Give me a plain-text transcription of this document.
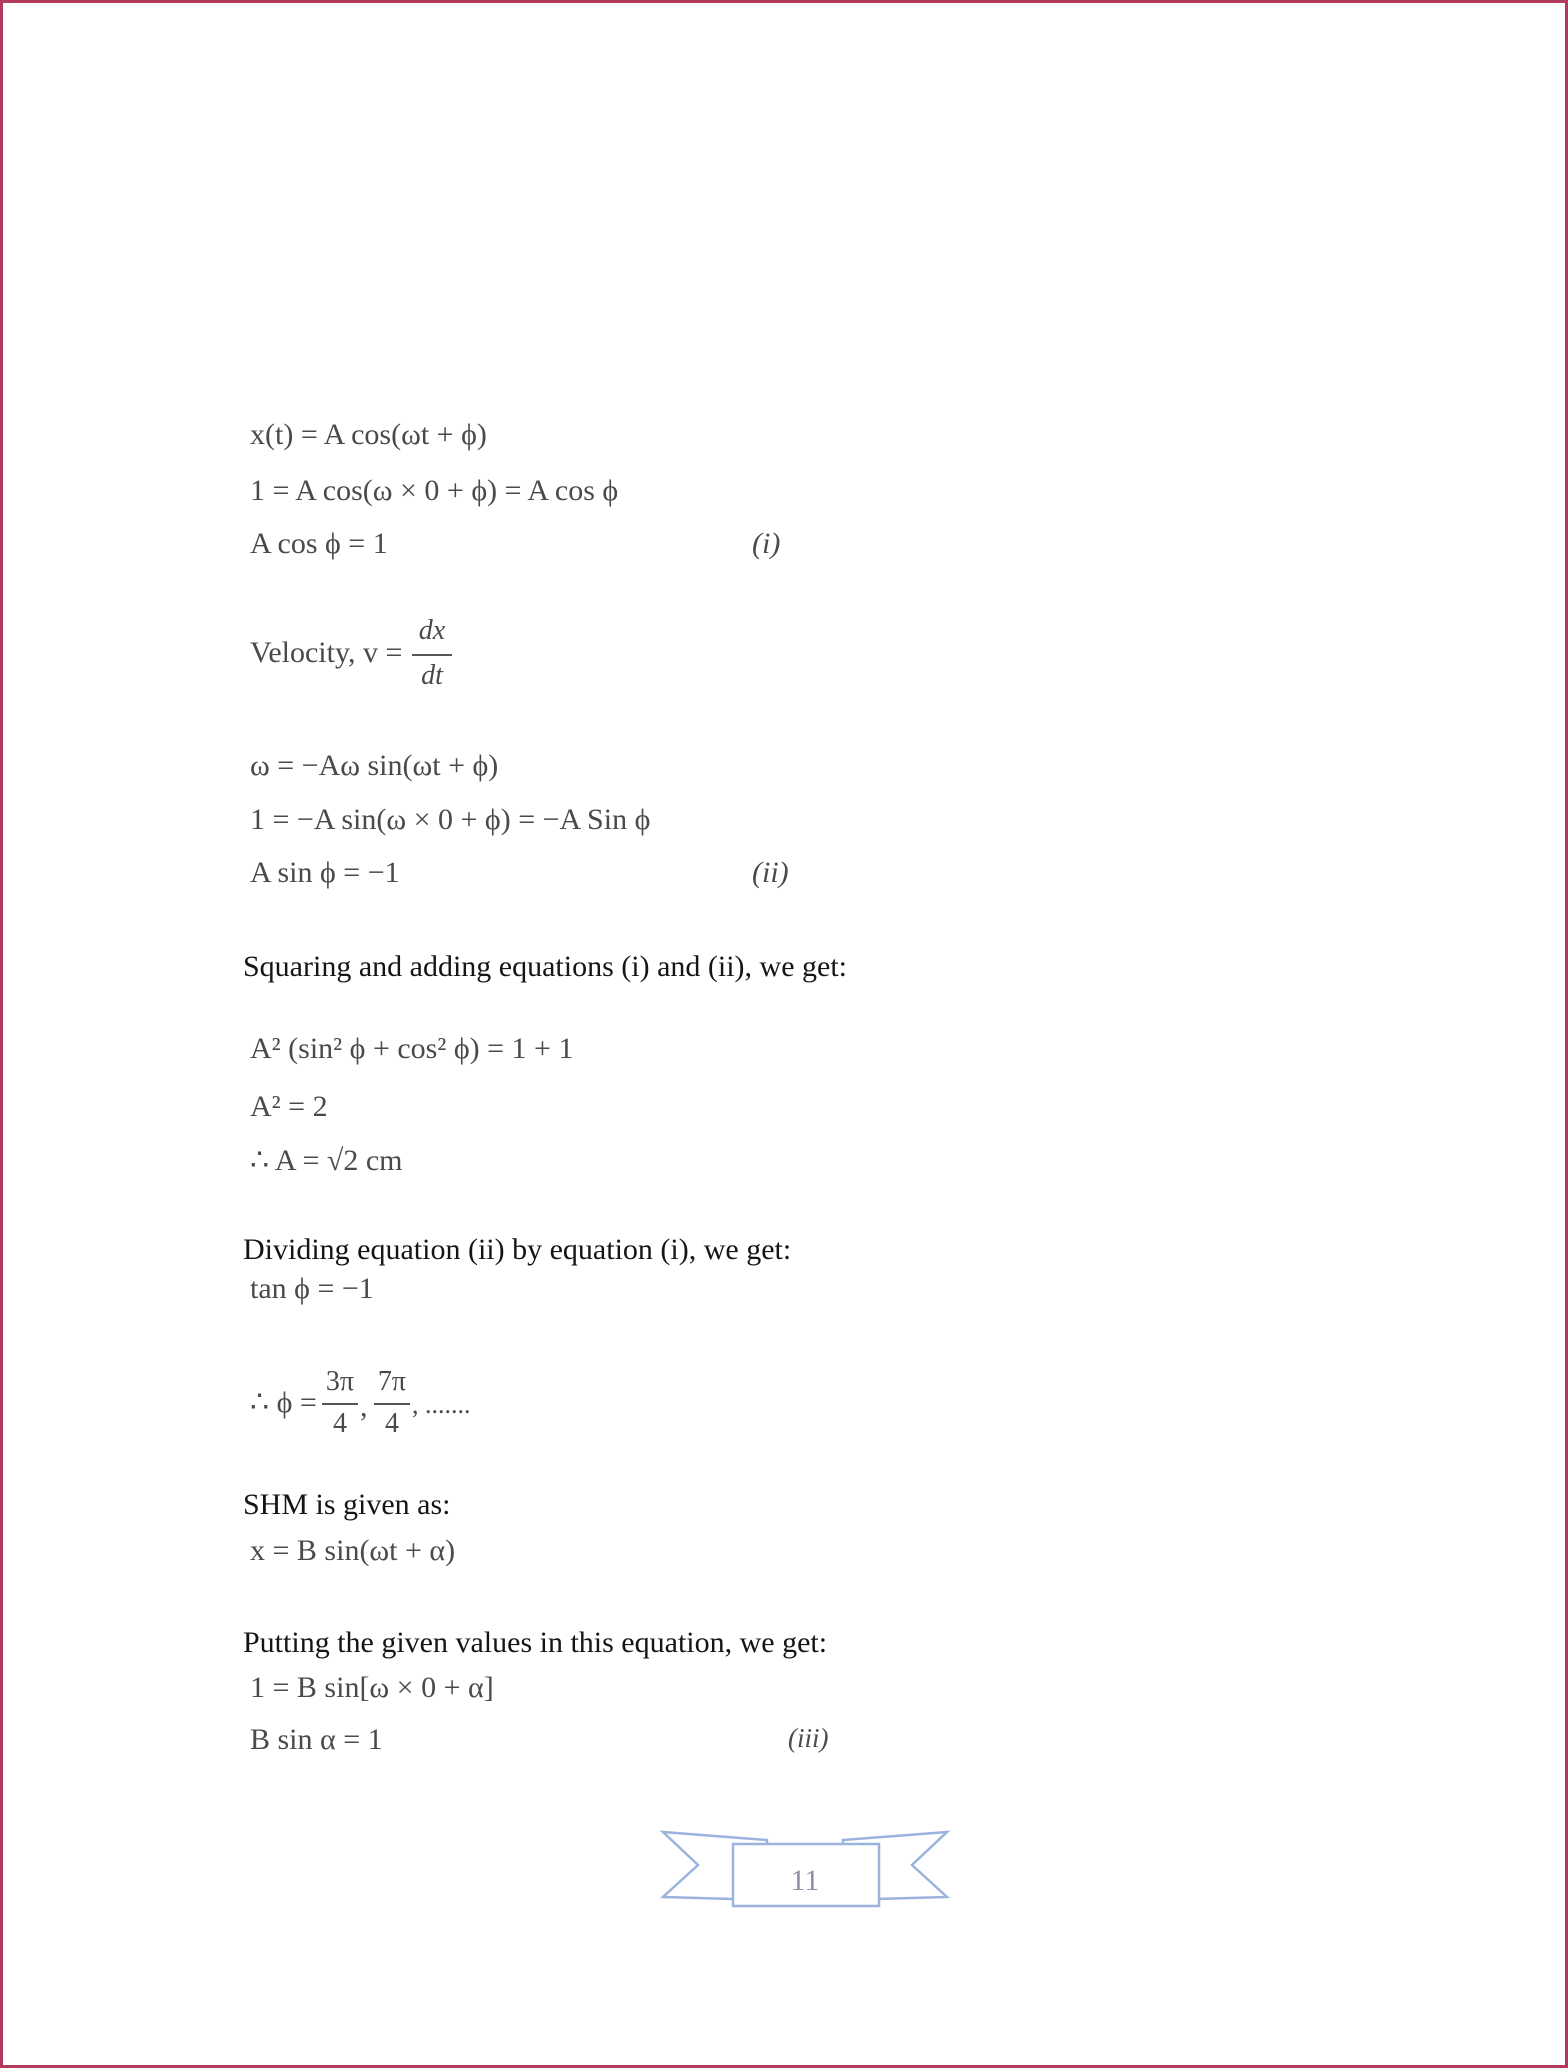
x(t) = A cos(ωt + ϕ)
1 = A cos(ω × 0 + ϕ) = A cos ϕ
A cos ϕ = 1	(i)
Velocity, v =
dx
dt
ω = −Aω sin(ωt + ϕ)
1 = −A sin(ω × 0 + ϕ) = −A Sin ϕ
A sin ϕ = −1	(ii)
Squaring and adding equations (i) and (ii), we get:
A² (sin² ϕ + cos² ϕ) = 1 + 1
A² = 2
∴ A = √2 cm
Dividing equation (ii) by equation (i), we get:
tan ϕ = −1
∴ ϕ =
3π
4
,
7π
4
, .......
SHM is given as:
x = B sin(ωt + α)
Putting the given values in this equation, we get:
1 = B sin[ω × 0 + α]
B sin α = 1	(iii)
11
